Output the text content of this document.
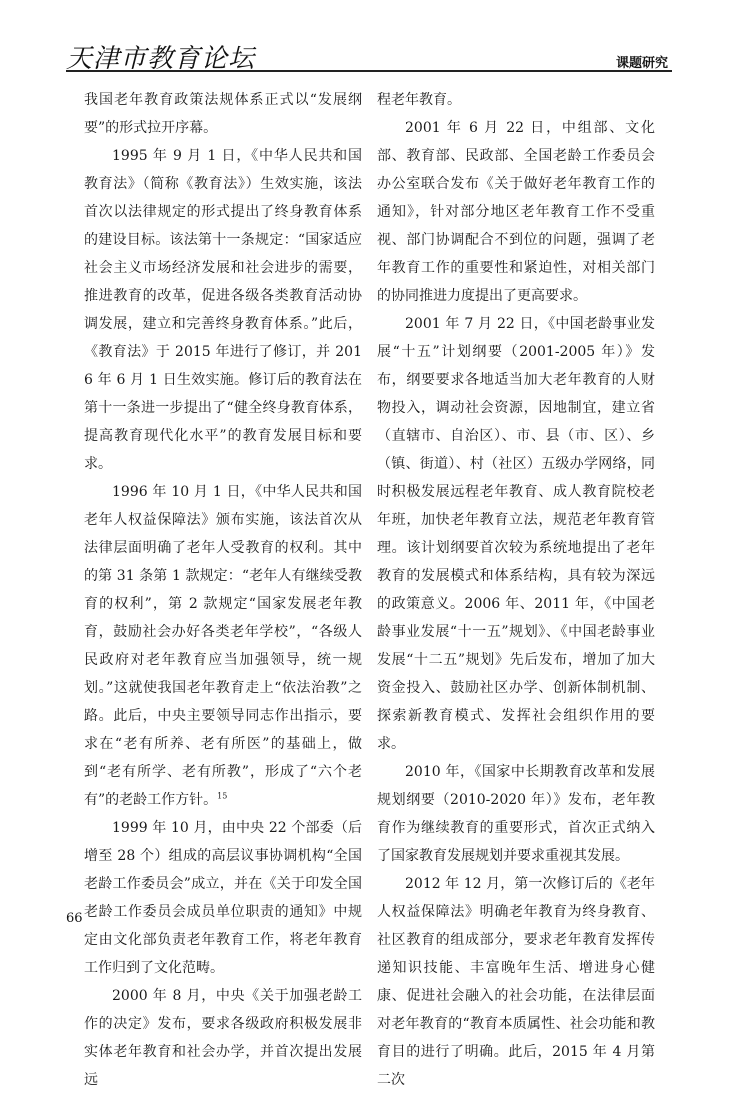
天津市教育论坛	课题研究

我国老年教育政策法规体系正式以“发展纲要”的形式拉开序幕。

1995 年 9 月 1 日，《中华人民共和国教育法》（简称《教育法》）生效实施，该法首次以法律规定的形式提出了终身教育体系的建设目标。该法第十一条规定：“国家适应社会主义市场经济发展和社会进步的需要，推进教育的改革，促进各级各类教育活动协调发展，建立和完善终身教育体系。”此后，《教育法》于 2015 年进行了修订，并 2016 年 6 月 1 日生效实施。修订后的教育法在第十一条进一步提出了“健全终身教育体系，提高教育现代化水平”的教育发展目标和要求。

1996 年 10 月 1 日，《中华人民共和国老年人权益保障法》颁布实施，该法首次从法律层面明确了老年人受教育的权利。其中的第 31 条第 1 款规定：“老年人有继续受教育的权利”，第 2 款规定“国家发展老年教育，鼓励社会办好各类老年学校”，“各级人民政府对老年教育应当加强领导，统一规划。”这就使我国老年教育走上“依法治教”之路。此后，中央主要领导同志作出指示，要求在“老有所养、老有所医”的基础上，做到“老有所学、老有所教”，形成了“六个老有”的老龄工作方针。$^{15}$

1999 年 10 月，由中央 22 个部委（后增至 28 个）组成的高层议事协调机构“全国老龄工作委员会”成立，并在《关于印发全国老龄工作委员会成员单位职责的通知》中规定由文化部负责老年教育工作，将老年教育工作归到了文化范畴。

2000 年 8 月，中央《关于加强老龄工作的决定》发布，要求各级政府积极发展非实体老年教育和社会办学，并首次提出发展远

程老年教育。

2001 年 6 月 22 日，中组部、文化部、教育部、民政部、全国老龄工作委员会办公室联合发布《关于做好老年教育工作的通知》，针对部分地区老年教育工作不受重视、部门协调配合不到位的问题，强调了老年教育工作的重要性和紧迫性，对相关部门的协同推进力度提出了更高要求。

2001 年 7 月 22 日，《中国老龄事业发展“十五”计划纲要（2001-2005 年）》发布，纲要要求各地适当加大老年教育的人财物投入，调动社会资源，因地制宜，建立省（直辖市、自治区）、市、县（市、区）、乡（镇、街道）、村（社区）五级办学网络，同时积极发展远程老年教育、成人教育院校老年班，加快老年教育立法，规范老年教育管理。该计划纲要首次较为系统地提出了老年教育的发展模式和体系结构，具有较为深远的政策意义。2006 年、2011 年，《中国老龄事业发展“十一五”规划》、《中国老龄事业发展“十二五”规划》先后发布，增加了加大资金投入、鼓励社区办学、创新体制机制、探索新教育模式、发挥社会组织作用的要求。

2010 年，《国家中长期教育改革和发展规划纲要（2010-2020 年）》发布，老年教育作为继续教育的重要形式，首次正式纳入了国家教育发展规划并要求重视其发展。

2012 年 12 月，第一次修订后的《老年人权益保障法》明确老年教育为终身教育、社区教育的组成部分，要求老年教育发挥传递知识技能、丰富晚年生活、增进身心健康、促进社会融入的社会功能，在法律层面对老年教育的“教育本质属性、社会功能和教育目的进行了明确。此后，2015 年 4 月第二次

66
